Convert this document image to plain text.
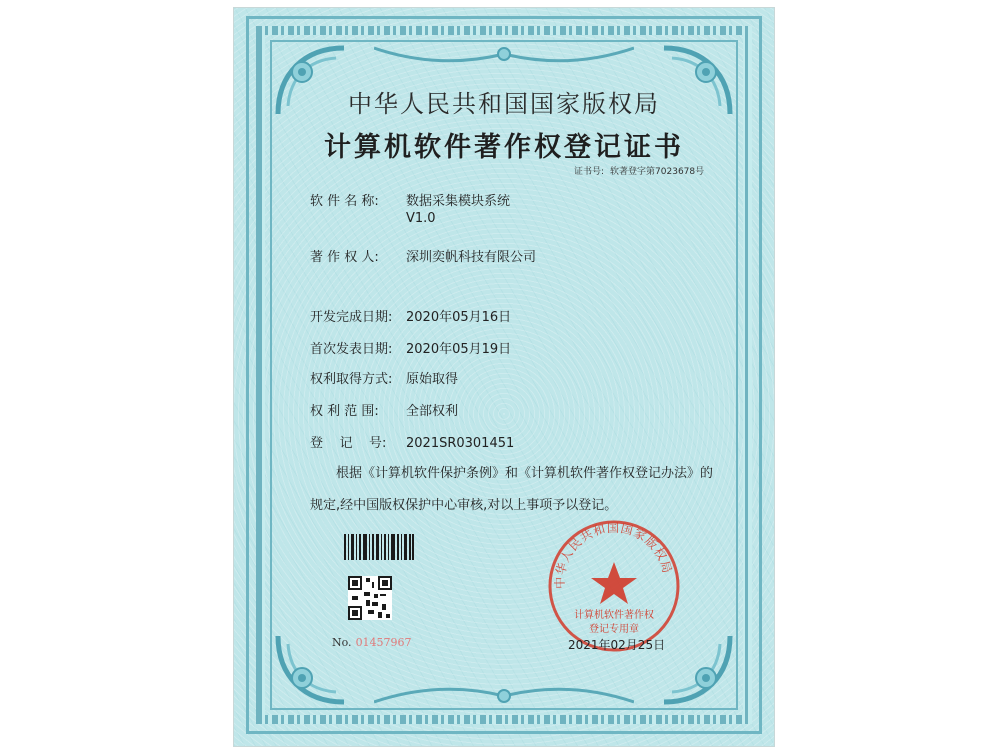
中华人民共和国国家版权局
计算机软件著作权登记证书
证书号: 软著登字第7023678号
软 件 名 称: 数据采集模块系统
V1.0
著 作 权 人: 深圳奕帆科技有限公司
开发完成日期: 2020年05月16日
首次发表日期: 2020年05月19日
权利取得方式: 原始取得
权 利 范 围: 全部权利
登    记    号: 2021SR0301451
根据《计算机软件保护条例》和《计算机软件著作权登记办法》的
规定,经中国版权保护中心审核,对以上事项予以登记。
No. 01457967
中华人民共和国国家版权局
计算机软件著作权
登记专用章
2021年02月25日
